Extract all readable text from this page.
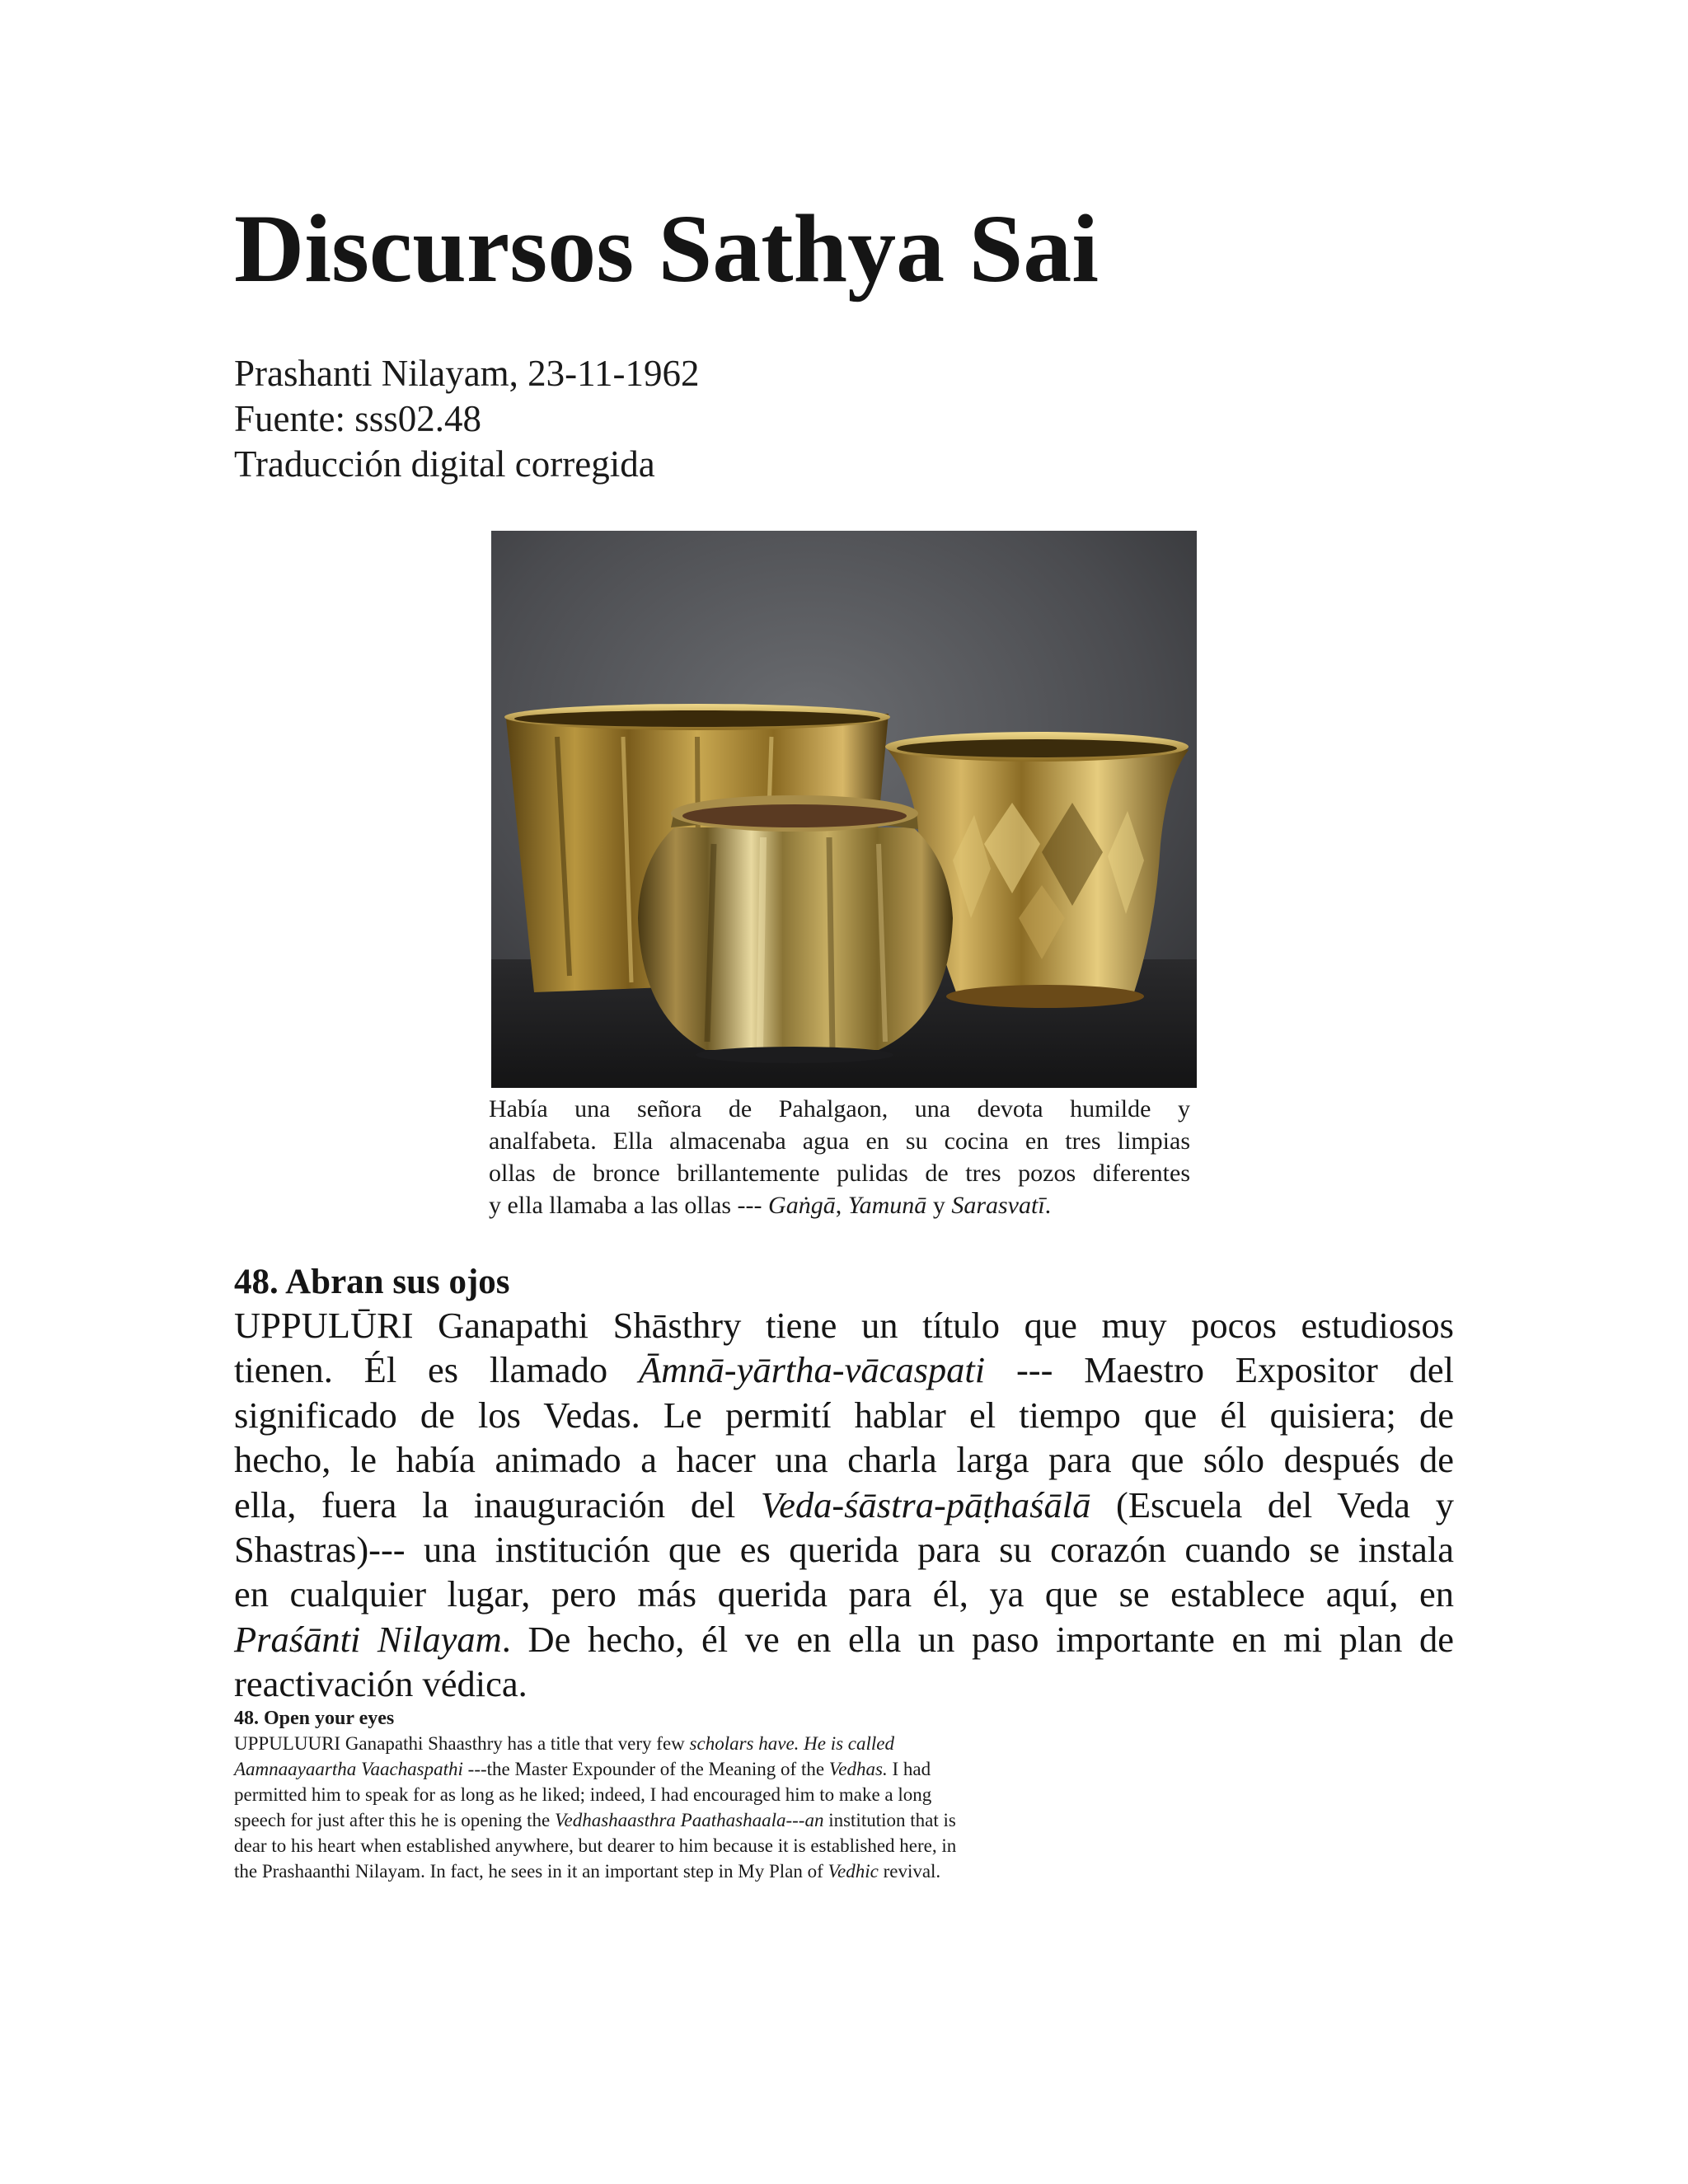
Discursos Sathya Sai
Prashanti Nilayam, 23-11-1962
Fuente: sss02.48
Traducción digital corregida
Había una señora de Pahalgaon, una devota humilde y
analfabeta. Ella almacenaba agua en su cocina en tres limpias
ollas de bronce brillantemente pulidas de tres pozos diferentes
y ella llamaba a las ollas --- Gaṅgā, Yamunā y Sarasvatī.
48. Abran sus ojos
UPPULŪRI Ganapathi Shāsthry tiene un título que muy pocos estudiosos
tienen. Él es llamado Āmnā-yārtha-vācaspati --- Maestro Expositor del
significado de los Vedas. Le permití hablar el tiempo que él quisiera; de
hecho, le había animado a hacer una charla larga para que sólo después de
ella, fuera la inauguración del Veda-śāstra-pāṭhaśālā (Escuela del Veda y
Shastras)--- una institución que es querida para su corazón cuando se instala
en cualquier lugar, pero más querida para él, ya que se establece aquí, en
Praśānti Nilayam. De hecho, él ve en ella un paso importante en mi plan de
reactivación védica.
48. Open your eyes
UPPULUURI Ganapathi Shaasthry has a title that very few scholars have. He is called
Aamnaayaartha Vaachaspathi ---the Master Expounder of the Meaning of the Vedhas. I had
permitted him to speak for as long as he liked; indeed, I had encouraged him to make a long
speech for just after this he is opening the Vedhashaasthra Paathashaala---an institution that is
dear to his heart when established anywhere, but dearer to him because it is established here, in
the Prashaanthi Nilayam. In fact, he sees in it an important step in My Plan of Vedhic revival.
